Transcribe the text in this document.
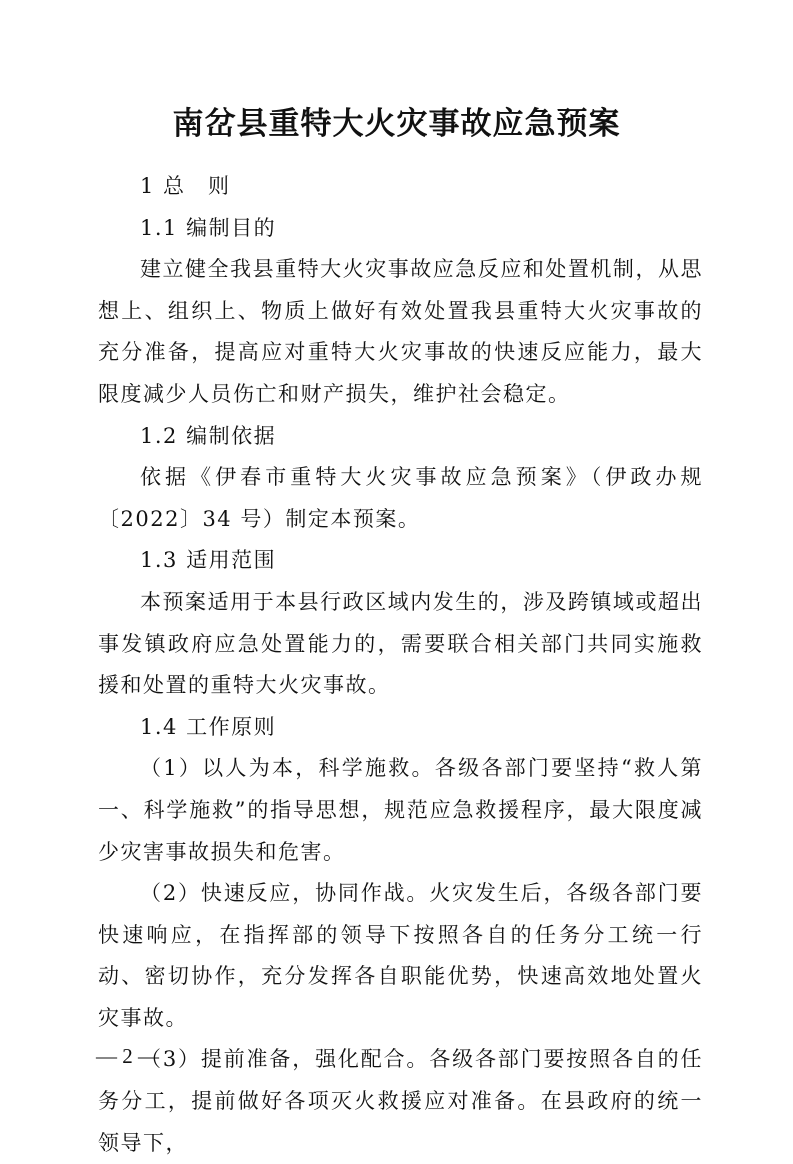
南岔县重特大火灾事故应急预案

1 总　则

1.1 编制目的

建立健全我县重特大火灾事故应急反应和处置机制，从思想上、组织上、物质上做好有效处置我县重特大火灾事故的充分准备，提高应对重特大火灾事故的快速反应能力，最大限度减少人员伤亡和财产损失，维护社会稳定。

1.2 编制依据

依据《伊春市重特大火灾事故应急预案》（伊政办规〔2022〕34 号）制定本预案。

1.3 适用范围

本预案适用于本县行政区域内发生的，涉及跨镇域或超出事发镇政府应急处置能力的，需要联合相关部门共同实施救援和处置的重特大火灾事故。

1.4 工作原则

（1）以人为本，科学施救。各级各部门要坚持“救人第一、科学施救”的指导思想，规范应急救援程序，最大限度减少灾害事故损失和危害。

（2）快速反应，协同作战。火灾发生后，各级各部门要快速响应，在指挥部的领导下按照各自的任务分工统一行动、密切协作，充分发挥各自职能优势，快速高效地处置火灾事故。

（3）提前准备，强化配合。各级各部门要按照各自的任务分工，提前做好各项灭火救援应对准备。在县政府的统一领导下，

— 2 —
